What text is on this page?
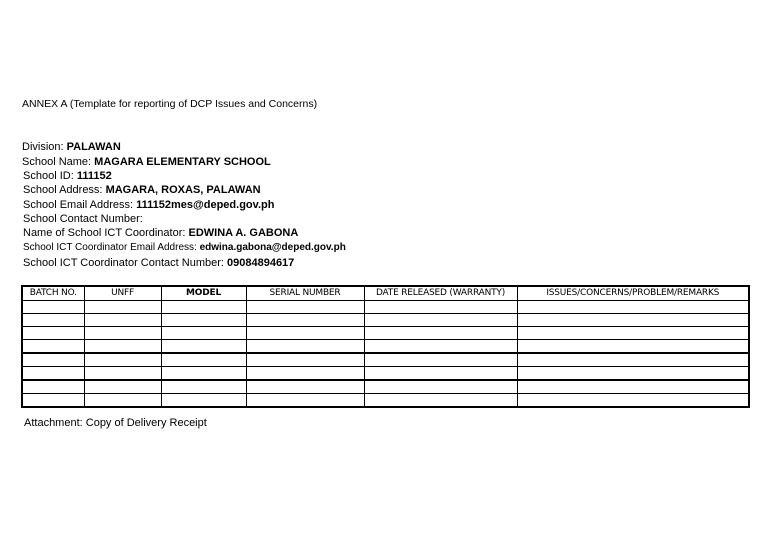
ANNEX A (Template for reporting of DCP Issues and Concerns)
Division: PALAWAN
School Name: MAGARA ELEMENTARY SCHOOL
School ID: 111152
School Address: MAGARA, ROXAS, PALAWAN
School Email Address: 111152mes@deped.gov.ph
School Contact Number:
Name of School ICT Coordinator: EDWINA A. GABONA
School ICT Coordinator Email Address: edwina.gabona@deped.gov.ph
School ICT Coordinator Contact Number: 09084894617
BATCH NO.	UNFF	MODEL	SERIAL NUMBER	DATE RELEASED (WARRANTY)	ISSUES/CONCERNS/PROBLEM/REMARKS

Attachment: Copy of Delivery Receipt
